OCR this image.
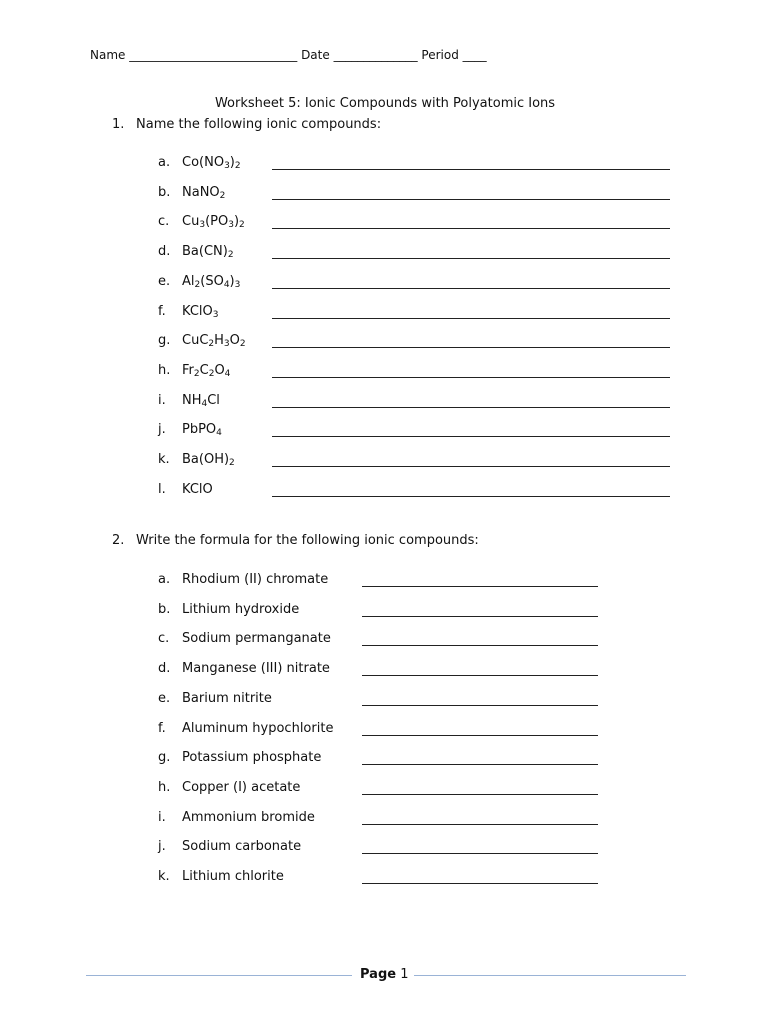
Name ____________________________ Date ______________ Period ____
Worksheet 5: Ionic Compounds with Polyatomic Ions
1. Name the following ionic compounds:
a. $Co(NO_3)_2$
b. NaNO$_2$
c. $Cu_3(PO_3)_2$
d. $Ba(CN)_2$
e. $Al_2(SO_4)_3$
f. KClO$_3$
g. $CuC_2H_3O_2$
h. $Fr_2C_2O_4$
i. $NH_4Cl$
j. PbPO$_4$
k. $Ba(OH)_2$
l. KClO
2. Write the formula for the following ionic compounds:
a. Rhodium (II) chromate
b. Lithium hydroxide
c. Sodium permanganate
d. Manganese (III) nitrate
e. Barium nitrite
f. Aluminum hypochlorite
g. Potassium phosphate
h. Copper (I) acetate
i. Ammonium bromide
j. Sodium carbonate
k. Lithium chlorite
Page 1
